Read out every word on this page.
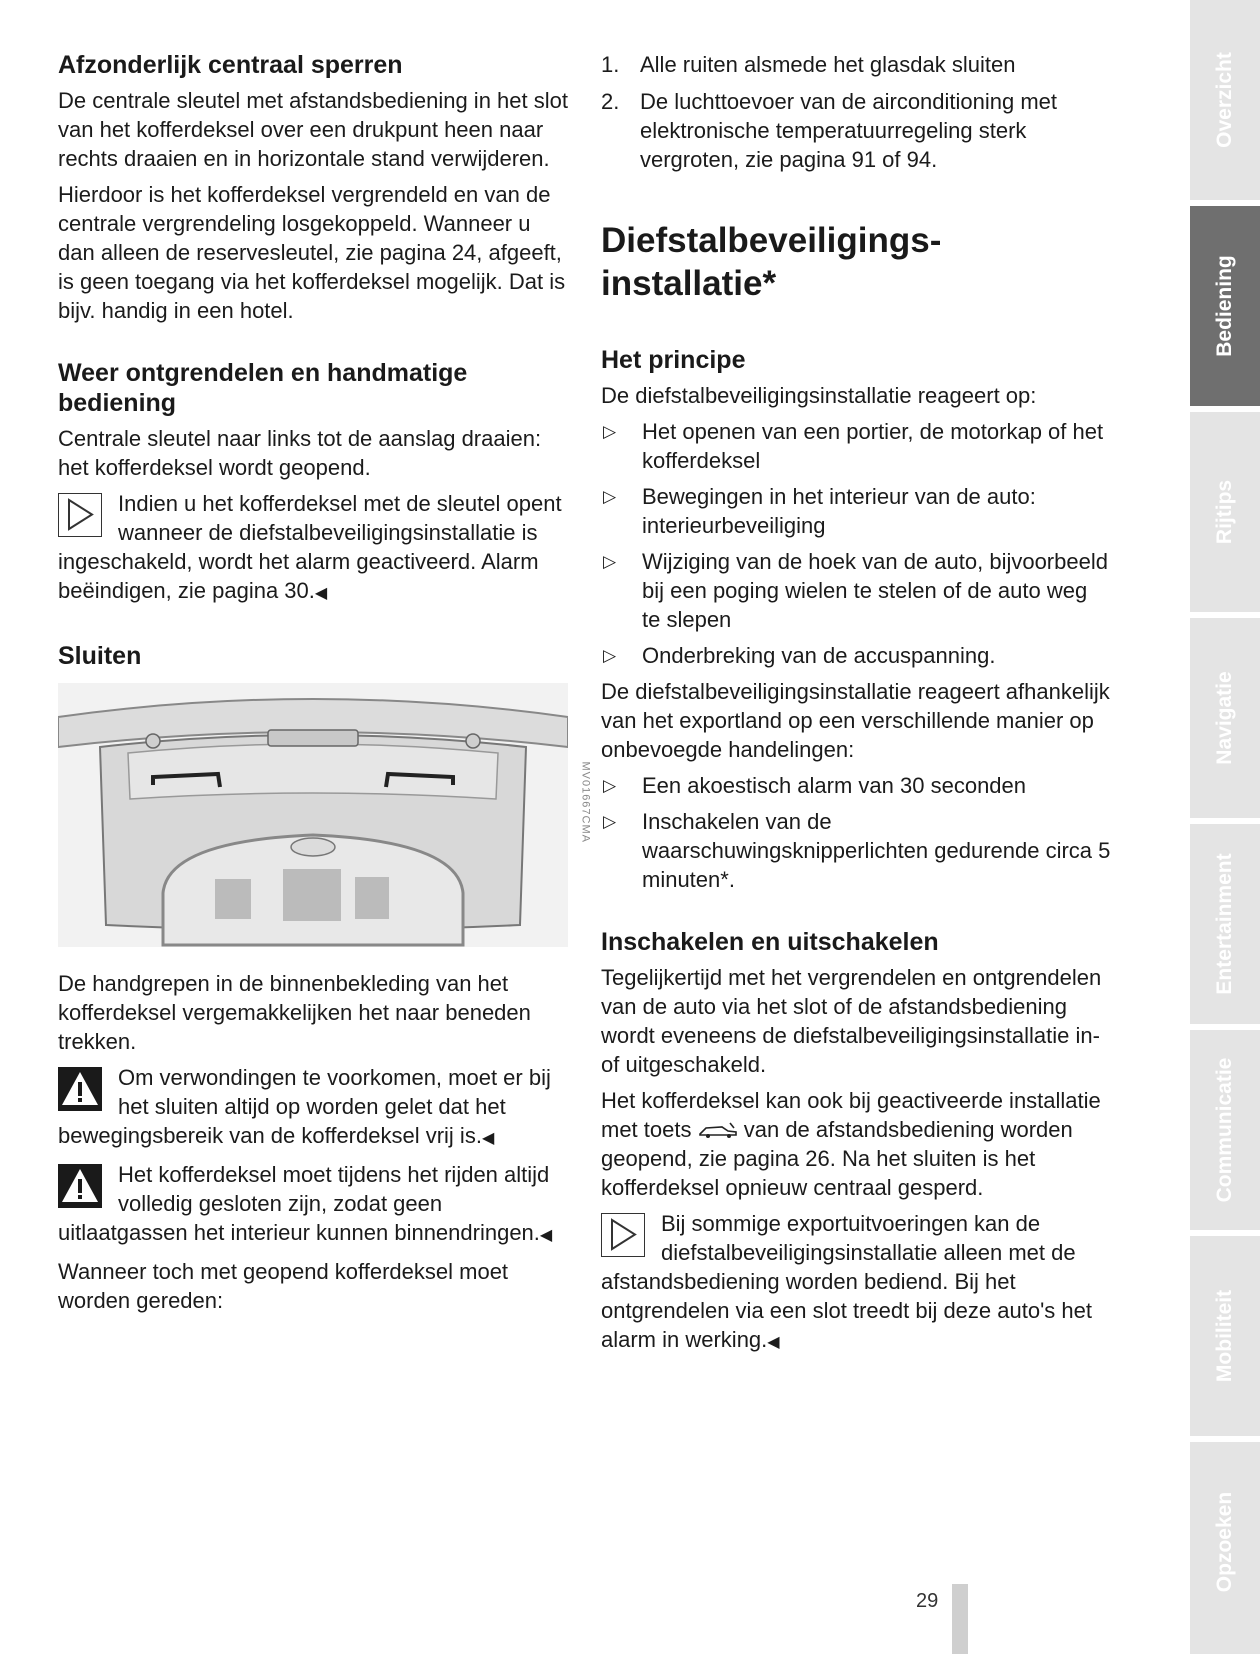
Afzonderlijk centraal sperren

De centrale sleutel met afstandsbediening in het slot van het kofferdeksel over een drukpunt heen naar rechts draaien en in horizontale stand verwijderen.

Hierdoor is het kofferdeksel vergrendeld en van de centrale vergrendeling losgekoppeld. Wanneer u dan alleen de reservesleutel, zie pagina 24, afgeeft, is geen toegang via het kofferdeksel mogelijk. Dat is bijv. handig in een hotel.

Weer ontgrendelen en handmatige bediening

Centrale sleutel naar links tot de aanslag draaien: het kofferdeksel wordt geopend.

Indien u het kofferdeksel met de sleutel opent wanneer de diefstalbeveiligingsinstallatie is ingeschakeld, wordt het alarm geactiveerd. Alarm beëindigen, zie pagina 30.◀
Sluiten
MV01667CMA

De handgrepen in de binnenbekleding van het kofferdeksel vergemakkelijken het naar beneden trekken.

Om verwondingen te voorkomen, moet er bij het sluiten altijd op worden gelet dat het bewegingsbereik van de kofferdeksel vrij is.◀
Het kofferdeksel moet tijdens het rijden altijd volledig gesloten zijn, zodat geen uitlaatgassen het interieur kunnen binnendringen.◀

Wanneer toch met geopend kofferdeksel moet worden gereden:

1. Alle ruiten alsmede het glasdak sluiten
2. De luchttoevoer van de airconditioning met elektronische temperatuurregeling sterk vergroten, zie pagina 91 of 94.
Diefstalbeveiligings-installatie*
Het principe

De diefstalbeveiligingsinstallatie reageert op:

▷ Het openen van een portier, de motorkap of het kofferdeksel
▷ Bewegingen in het interieur van de auto: interieurbeveiliging
▷ Wijziging van de hoek van de auto, bijvoorbeeld bij een poging wielen te stelen of de auto weg te slepen
▷ Onderbreking van de accuspanning.

De diefstalbeveiligingsinstallatie reageert afhankelijk van het exportland op een verschillende manier op onbevoegde handelingen:

▷ Een akoestisch alarm van 30 seconden
▷ Inschakelen van de waarschuwingsknipperlichten gedurende circa 5 minuten*.
Inschakelen en uitschakelen

Tegelijkertijd met het vergrendelen en ontgrendelen van de auto via het slot of de afstandsbediening wordt eveneens de diefstalbeveiligingsinstallatie in- of uitgeschakeld.

Het kofferdeksel kan ook bij geactiveerde installatie met toets van de afstandsbediening worden geopend, zie pagina 26. Na het sluiten is het kofferdeksel opnieuw centraal gesperd.

Bij sommige exportuitvoeringen kan de diefstalbeveiligingsinstallatie alleen met de afstandsbediening worden bediend. Bij het ontgrendelen via een slot treedt bij deze auto's het alarm in werking.◀
Overzicht
Bediening
Rijtips
Navigatie
Entertainment
Communicatie
Mobiliteit
Opzoeken
29
